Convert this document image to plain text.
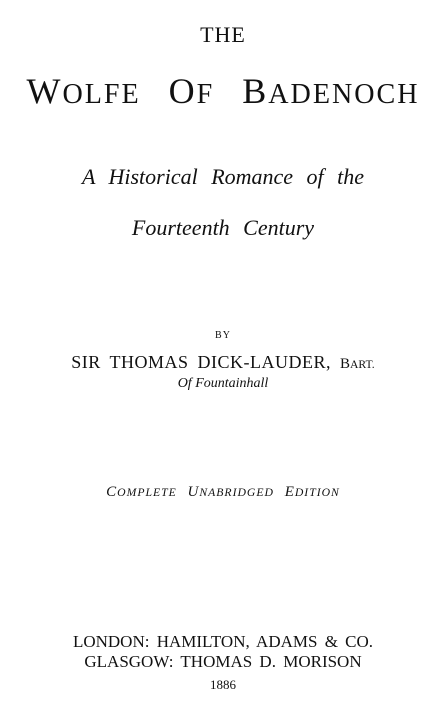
THE
WOLFE OF BADENOCH
A Historical Romance of the
Fourteenth Century
BY
SIR THOMAS DICK-LAUDER, BART.
Of Fountainhall
COMPLETE UNABRIDGED EDITION
LONDON: HAMILTON, ADAMS & CO.
GLASGOW: THOMAS D. MORISON
1886
